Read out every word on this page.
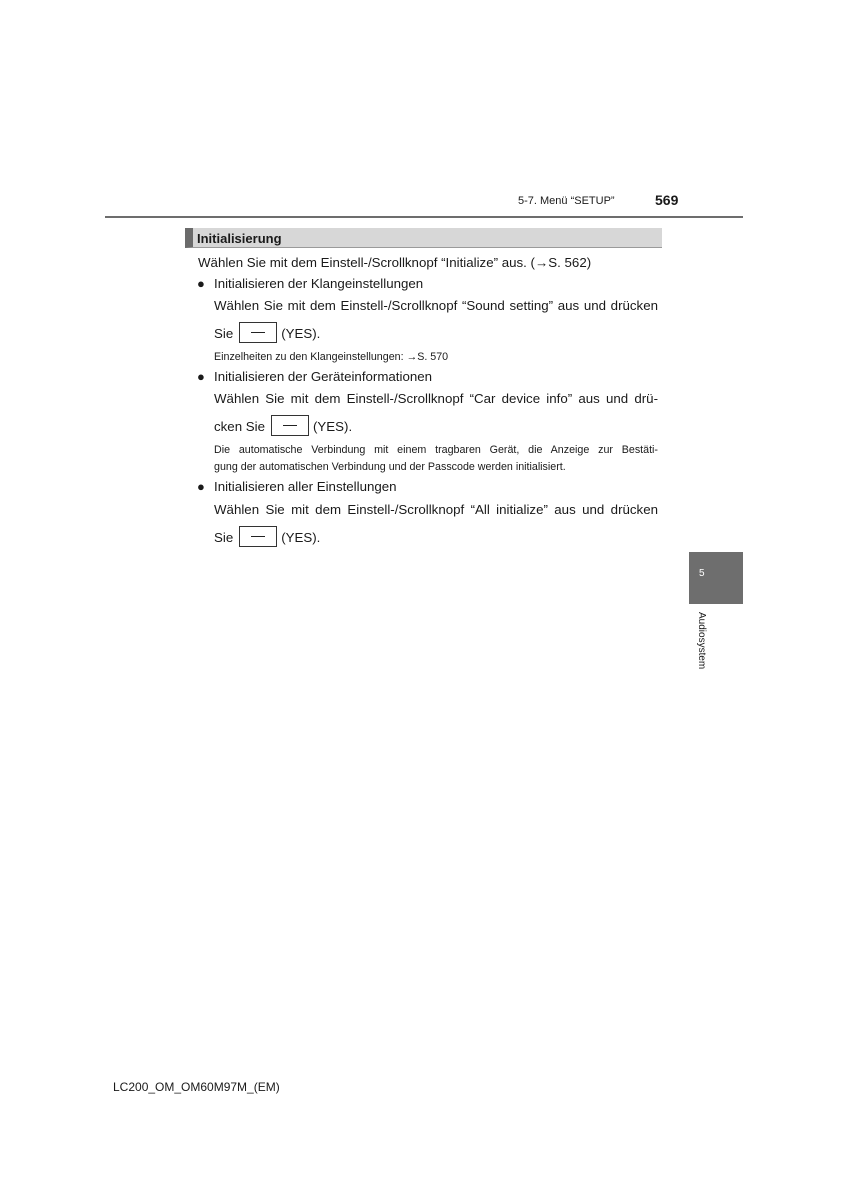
5-7. Menü “SETUP”	569
Initialisierung
Wählen Sie mit dem Einstell-/Scrollknopf “Initialize” aus. (→S. 562)
● Initialisieren der Klangeinstellungen
Wählen Sie mit dem Einstell-/Scrollknopf “Sound setting” aus und drücken
Sie	(YES).
Einzelheiten zu den Klangeinstellungen: →S. 570
● Initialisieren der Geräteinformationen
Wählen Sie mit dem Einstell-/Scrollknopf “Car device info” aus und drü-
cken Sie	(YES).
Die automatische Verbindung mit einem tragbaren Gerät, die Anzeige zur Bestäti-
gung der automatischen Verbindung und der Passcode werden initialisiert.
● Initialisieren aller Einstellungen
Wählen Sie mit dem Einstell-/Scrollknopf “All initialize” aus und drücken
Sie	(YES).
5
Audiosystem
LC200_OM_OM60M97M_(EM)
